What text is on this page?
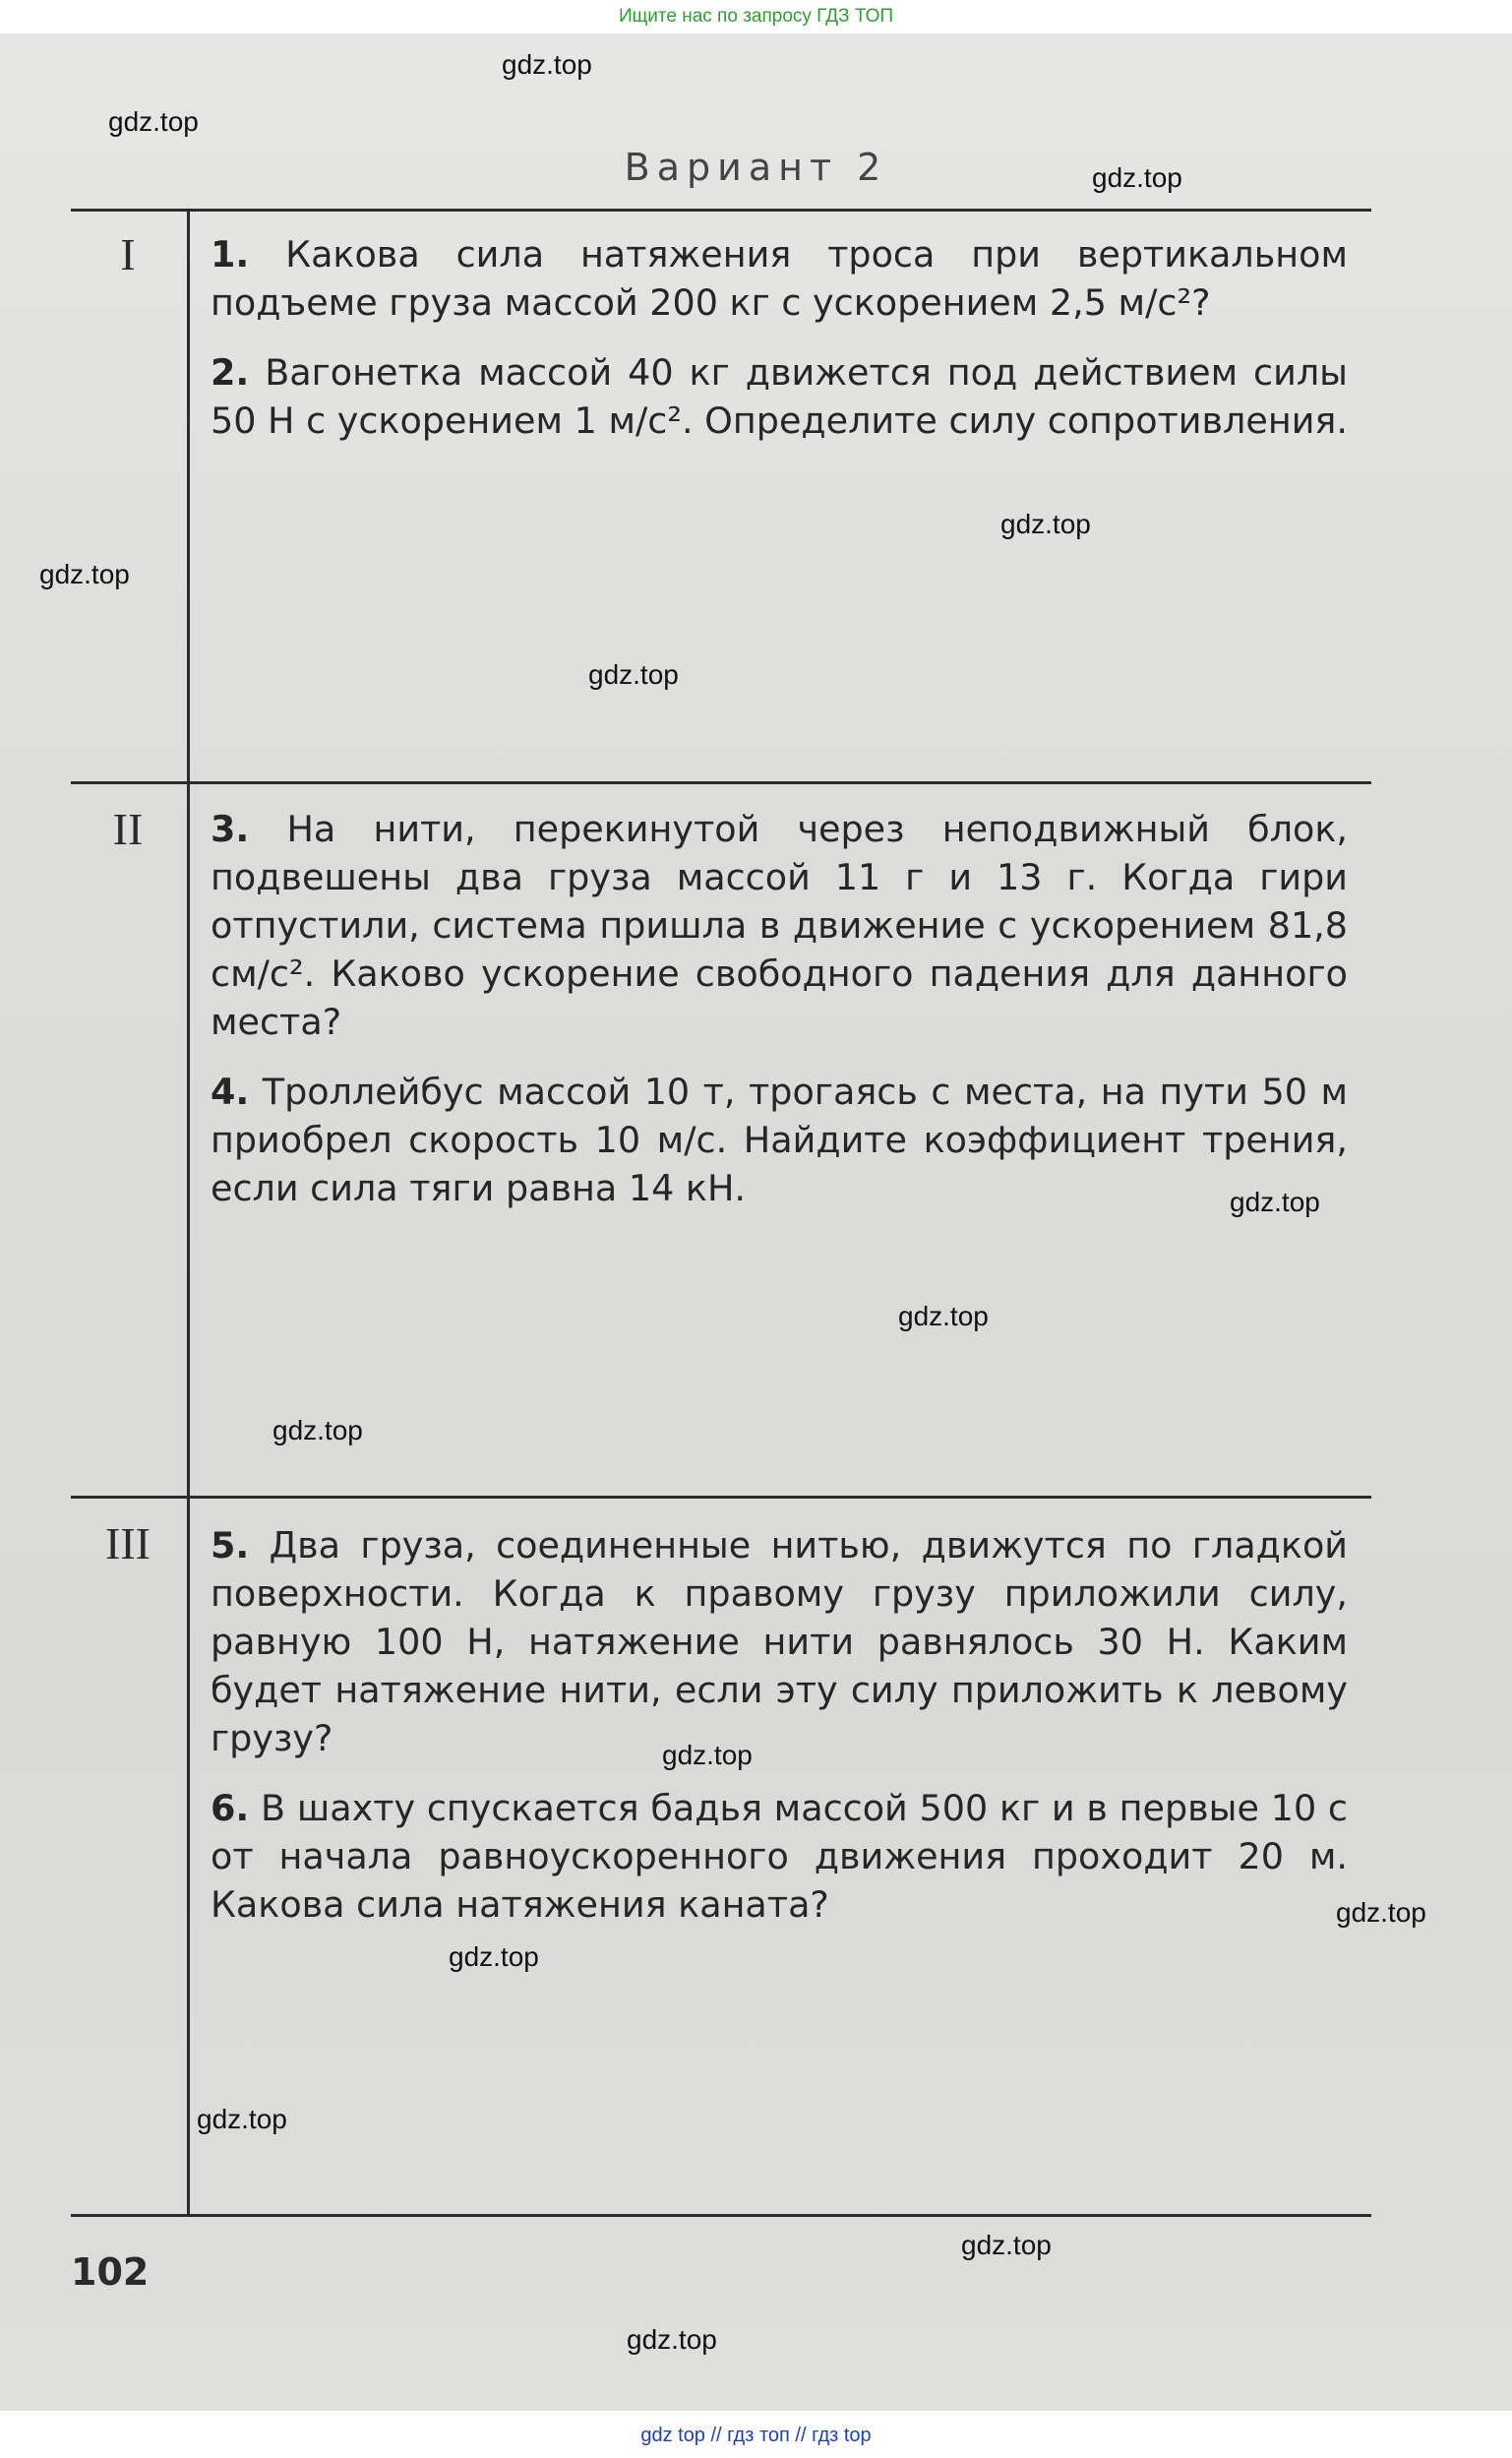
Ищите нас по запросу ГДЗ ТОП
Вариант 2
I	1. Какова сила натяжения троса при вертикальном подъеме груза массой 200 кг с ускорением 2,5 м/с²?

2. Вагонетка массой 40 кг движется под действием силы 50 Н с ускорением 1 м/с². Определите силу сопротивления.

II	3. На нити, перекинутой через неподвижный блок, подвешены два груза массой 11 г и 13 г. Когда гири отпустили, система пришла в движение с ускорением 81,8 см/с². Каково ускорение свободного падения для данного места?

4. Троллейбус массой 10 т, трогаясь с места, на пути 50 м приобрел скорость 10 м/с. Найдите коэффициент трения, если сила тяги равна 14 кН.

III	5. Два груза, соединенные нитью, движутся по гладкой поверхности. Когда к правому грузу приложили силу, равную 100 Н, натяжение нити равнялось 30 Н. Каким будет натяжение нити, если эту силу приложить к левому грузу?

6. В шахту спускается бадья массой 500 кг и в первые 10 с от начала равноускоренного движения проходит 20 м. Какова сила натяжения каната?

102
gdz.top
gdz.top
gdz.top
gdz.top
gdz.top
gdz.top
gdz.top
gdz.top
gdz.top
gdz.top
gdz.top
gdz.top
gdz.top
gdz.top
gdz.top
gdz top // гдз топ // гдз top
